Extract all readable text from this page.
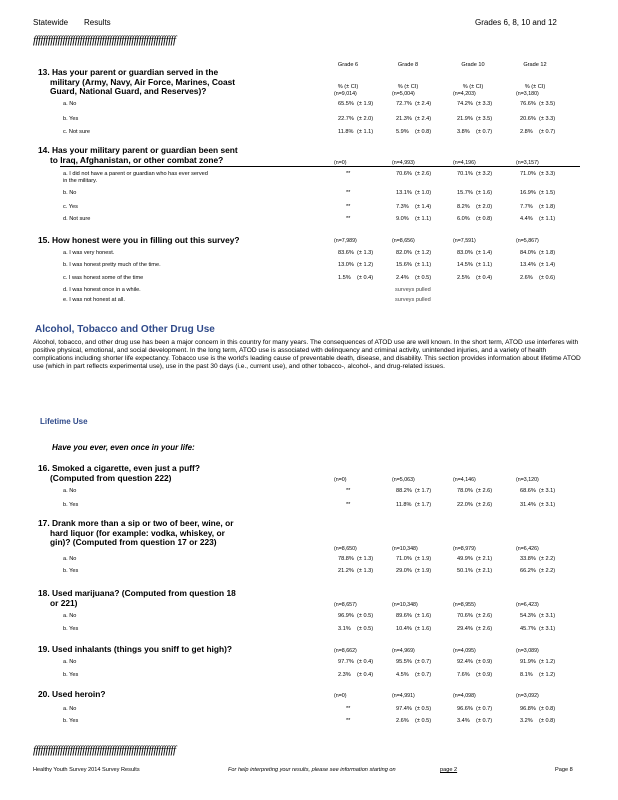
Statewide Results	Grades 6, 8, 10 and 12
ffffffffffffffffffffffffffffffffffffffffffffffffffffffffff
Grade 6	Grade 8	Grade 10	Grade 12
% (± CI)	% (± CI)	% (± CI)	% (± CI)
13. Has your parent or guardian served in the
military (Army, Navy, Air Force, Marines, Coast
Guard, National Guard, and Reserves)?	(n=9,014)	(n=5,004)	(n=4,203)	(n=3,180)
a. No	65.5% (± 1.9)	72.7% (± 2.4)	74.2% (± 3.3)	76.6% (± 3.5)
b. Yes	22.7% (± 2.0)	21.3% (± 2.4)	21.9% (± 3.5)	20.6% (± 3.3)
c. Not sure	11.8% (± 1.1)	5.9% (± 0.8)	3.8% (± 0.7)	2.8% (± 0.7)
14. Has your military parent or guardian been sent
to Iraq, Afghanistan, or other combat zone?	(n=0)	(n=4,993)	(n=4,196)	(n=3,157)
a. I did not have a parent or guardian who has ever served
in the military.
**	70.6% (± 2.6)	70.1% (± 3.2)	71.0% (± 3.3)
b. No	**	13.1% (± 1.0)	15.7% (± 1.6)	16.9% (± 1.5)
c. Yes	**	7.3% (± 1.4)	8.2% (± 2.0)	7.7% (± 1.8)
d. Not sure	**	9.0% (± 1.1)	6.0% (± 0.8)	4.4% (± 1.1)
15. How honest were you in filling out this survey?	(n=7,989)	(n=8,656)	(n=7,591)	(n=5,867)
a. I was very honest.	83.6% (± 1.3)	82.0% (± 1.2)	83.0% (± 1.4)	84.0% (± 1.8)
b. I was honest pretty much of the time.	13.0% (± 1.2)	15.6% (± 1.1)	14.5% (± 1.1)	13.4% (± 1.4)
c. I was honest some of the time	1.5% (± 0.4)	2.4% (± 0.5)	2.5% (± 0.4)	2.6% (± 0.6)
d. I was honest once in a while.	surveys pulled
e. I was not honest at all.	surveys pulled
Alcohol, Tobacco and Other Drug Use
Alcohol, tobacco, and other drug use has been a major concern in this country for many years. The consequences of ATOD use are well known. In the short term, ATOD use interferes with positive physical, emotional, and social development. In the long term, ATOD use is associated with delinquency and criminal activity, unintended injuries, and a variety of health complications including shorter life expectancy. Tobacco use is the world's leading cause of preventable death, disease, and disability. This section provides information about lifetime ATOD use (which in part reflects experimental use), use in the past 30 days (i.e., current use), and other tobacco-, alcohol-, and drug-related issues.
Lifetime Use
Have you ever, even once in your life:
16. Smoked a cigarette, even just a puff?
(Computed from question 222)	(n=0)	(n=5,063)	(n=4,146)	(n=3,120)
a. No	**	88.2% (± 1.7)	78.0% (± 2.6)	68.6% (± 3.1)
b. Yes	**	11.8% (± 1.7)	22.0% (± 2.6)	31.4% (± 3.1)
17. Drank more than a sip or two of beer, wine, or
hard liquor (for example: vodka, whiskey, or
gin)? (Computed from question 17 or 223)
(n=8,650)	(n=10,348)	(n=8,979)	(n=6,426)
a. No	78.8% (± 1.3)	71.0% (± 1.9)	49.9% (± 2.1)	33.8% (± 2.2)
b. Yes	21.2% (± 1.3)	29.0% (± 1.9)	50.1% (± 2.1)	66.2% (± 2.2)
18. Used marijuana? (Computed from question 18
or 221)	(n=8,657)	(n=10,348)	(n=8,955)	(n=6,423)
a. No	96.9% (± 0.5)	89.6% (± 1.6)	70.6% (± 2.6)	54.3% (± 3.1)
b. Yes	3.1% (± 0.5)	10.4% (± 1.6)	29.4% (± 2.6)	45.7% (± 3.1)
19. Used inhalants (things you sniff to get high)?	(n=8,662)	(n=4,969)	(n=4,095)	(n=3,089)
a. No	97.7% (± 0.4)	95.5% (± 0.7)	92.4% (± 0.9)	91.9% (± 1.2)
b. Yes	2.3% (± 0.4)	4.5% (± 0.7)	7.6% (± 0.9)	8.1% (± 1.2)
20. Used heroin?	(n=0)	(n=4,991)	(n=4,098)	(n=3,092)
a. No	**	97.4% (± 0.5)	96.6% (± 0.7)	96.8% (± 0.8)
b. Yes	**	2.6% (± 0.5)	3.4% (± 0.7)	3.2% (± 0.8)
ffffffffffffffffffffffffffffffffffffffffffffffffffffffffff
Healthy Youth Survey 2014 Survey Results	For help interpreting your results, please see information starting on	page 2	Page 8
